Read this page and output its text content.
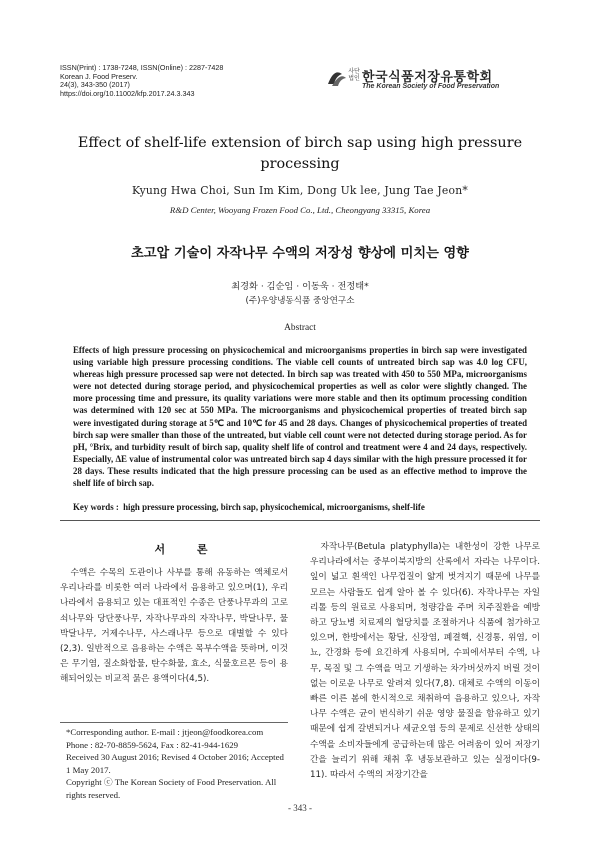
ISSN(Print) : 1738-7248, ISSN(Online) : 2287-7428
Korean J. Food Preserv.
24(3), 343-350 (2017)
https://doi.org/10.11002/kfp.2017.24.3.343
사단법인 한국식품저장유통학회
The Korean Society of Food Preservation
Effect of shelf-life extension of birch sap using high pressure processing
Kyung Hwa Choi, Sun Im Kim, Dong Uk lee, Jung Tae Jeon*
R&D Center, Wooyang Frozen Food Co., Ltd., Cheongyang 33315, Korea
초고압 기술이 자작나무 수액의 저장성 향상에 미치는 영향
최경화 · 김순임 · 이동욱 · 전정태*
(주)우양냉동식품 중앙연구소
Abstract
Effects of high pressure processing on physicochemical and microorganisms properties in birch sap were investigated using variable high pressure processing conditions. The viable cell counts of untreated birch sap was 4.0 log CFU, whereas high pressure processed sap were not detected. In birch sap was treated with 450 to 550 MPa, microorganisms were not detected during storage period, and physicochemical properties as well as color were slightly changed. The more processing time and pressure, its quality variations were more stable and then its optimum processing condition was determined with 120 sec at 550 MPa. The microorganisms and physicochemical properties of treated birch sap were investigated during storage at 5℃ and 10℃ for 45 and 28 days. Changes of physicochemical properties of treated birch sap were smaller than those of the untreated, but viable cell count were not detected during storage period. As for pH, °Brix, and turbidity result of birch sap, quality shelf life of control and treatment were 4 and 24 days, respectively. Especially, ΔE value of instrumental color was untreated birch sap 4 days similar with the high pressure processed it for 28 days. These results indicated that the high pressure processing can be used as an effective method to improve the shelf life of birch sap.
Key words : high pressure processing, birch sap, physicochemical, microorganisms, shelf-life
서 론
수액은 수목의 도관이나 사부를 통해 유동하는 액체로서 우리나라를 비롯한 여러 나라에서 음용하고 있으며(1), 우리나라에서 음용되고 있는 대표적인 수종은 단풍나무과의 고로쇠나무와 당단풍나무, 자작나무과의 자작나무, 박달나무, 물박달나무, 거제수나무, 사스래나무 등으로 대별할 수 있다(2,3). 일반적으로 음용하는 수액은 목부수액을 뜻하며, 이것은 무기염, 질소화합물, 탄수화물, 효소, 식물호르몬 등이 용해되어있는 비교적 묽은 용액이다(4,5).
자작나무(Betula platyphylla)는 내한성이 강한 나무로 우리나라에서는 중부이북지방의 산록에서 자라는 나무이다. 잎이 넓고 흰색인 나무껍질이 얇게 벗겨지기 때문에 나무를 모르는 사람들도 쉽게 알아 볼 수 있다(6). 자작나무는 자일리톨 등의 원료로 사용되며, 청량감을 주며 치주질환을 예방하고 당뇨병 치료제의 혈당치를 조절하거나 식품에 첨가하고 있으며, 한방에서는 황달, 신장염, 폐결핵, 신경통, 위염, 이뇨, 간경화 등에 요긴하게 사용되며, 수피에서부터 수액, 나무, 목질 및 그 수액을 먹고 기생하는 차가버섯까지 버릴 것이 없는 이로운 나무로 알려져 있다(7,8). 대체로 수액의 이동이 빠른 이른 봄에 한시적으로 채취하여 음용하고 있으나, 자작나무 수액은 균이 번식하기 쉬운 영양 물질을 함유하고 있기 때문에 쉽게 갈변되거나 세균오염 등의 문제로 신선한 상태의 수액을 소비자들에게 공급하는데 많은 어려움이 있어 저장기간을 늘리기 위해 채취 후 냉동보관하고 있는 실정이다(9-11). 따라서 수액의 저장기간을
*Corresponding author. E-mail : jtjeon@foodkorea.com
Phone : 82-70-8859-5624, Fax : 82-41-944-1629
Received 30 August 2016; Revised 4 October 2016; Accepted 1 May 2017.
Copyright ⓒ The Korean Society of Food Preservation. All rights reserved.
- 343 -
